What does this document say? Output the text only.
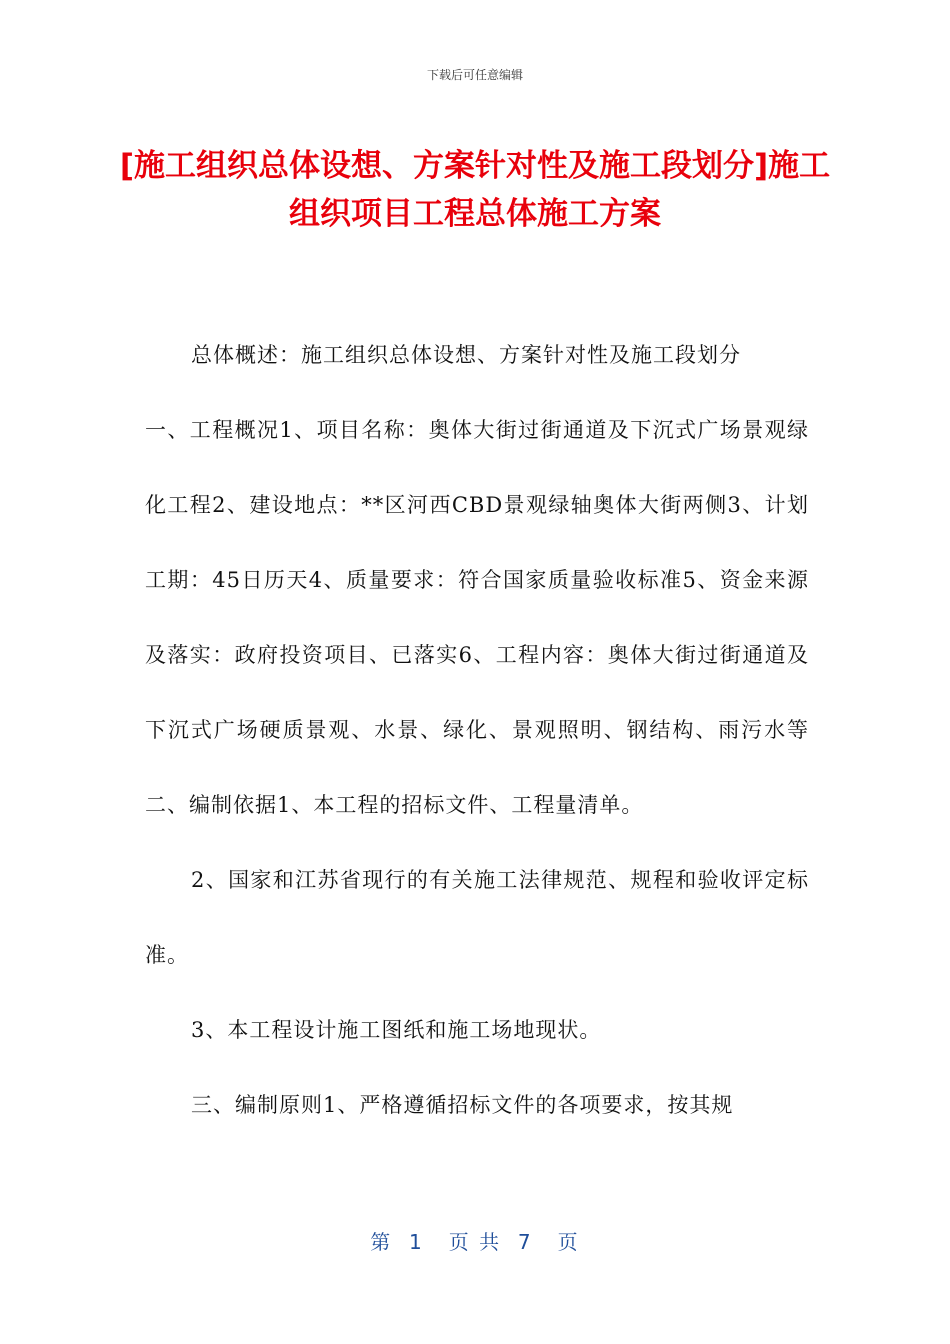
下载后可任意编辑
[施工组织总体设想、方案针对性及施工段划分]施工组织项目工程总体施工方案

总体概述：施工组织总体设想、方案针对性及施工段划分

一、工程概况1、项目名称：奥体大街过街通道及下沉式广场景观绿化工程2、建设地点：**区河西CBD景观绿轴奥体大街两侧3、计划工期：45日历天4、质量要求：符合国家质量验收标准5、资金来源及落实：政府投资项目、已落实6、工程内容：奥体大街过街通道及下沉式广场硬质景观、水景、绿化、景观照明、钢结构、雨污水等二、编制依据1、本工程的招标文件、工程量清单。

2、国家和江苏省现行的有关施工法律规范、规程和验收评定标准。

3、本工程设计施工图纸和施工场地现状。

三、编制原则1、严格遵循招标文件的各项要求，按其规

第  1   页 共  7   页
